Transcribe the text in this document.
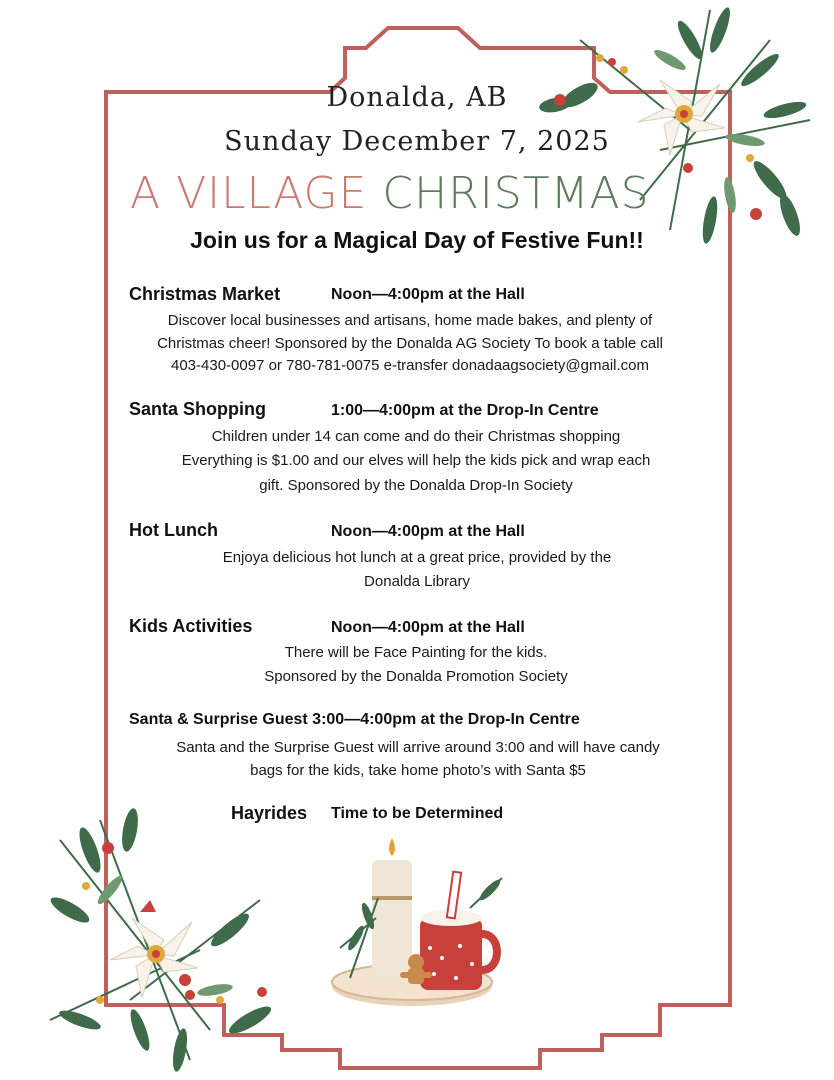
Donalda, AB
Sunday December 7, 2025
A VILLAGE CHRISTMAS
Join us for a Magical Day of Festive Fun!!
Christmas Market	Noon—4:00pm at the Hall
Discover local businesses and artisans, home made bakes, and plenty of
Christmas cheer! Sponsored by the Donalda AG Society To book a table call
403-430-0097 or 780-781-0075 e-transfer donadaagsociety@gmail.com
Santa Shopping	1:00—4:00pm at the Drop-In Centre
Children under 14 can come and do their Christmas shopping
Everything is $1.00 and our elves will help the kids pick and wrap each
gift. Sponsored by the Donalda Drop-In Society
Hot Lunch	Noon—4:00pm at the Hall
Enjoya delicious hot lunch at a great price, provided by the
Donalda Library
Kids Activities	Noon—4:00pm at the Hall
There will be Face Painting for the kids.
Sponsored by the Donalda Promotion Society
Santa & Surprise Guest 3:00—4:00pm at the Drop-In Centre
Santa and the Surprise Guest will arrive around 3:00 and will have candy
bags for the kids, take home photo’s with Santa $5
Hayrides Time to be Determined
